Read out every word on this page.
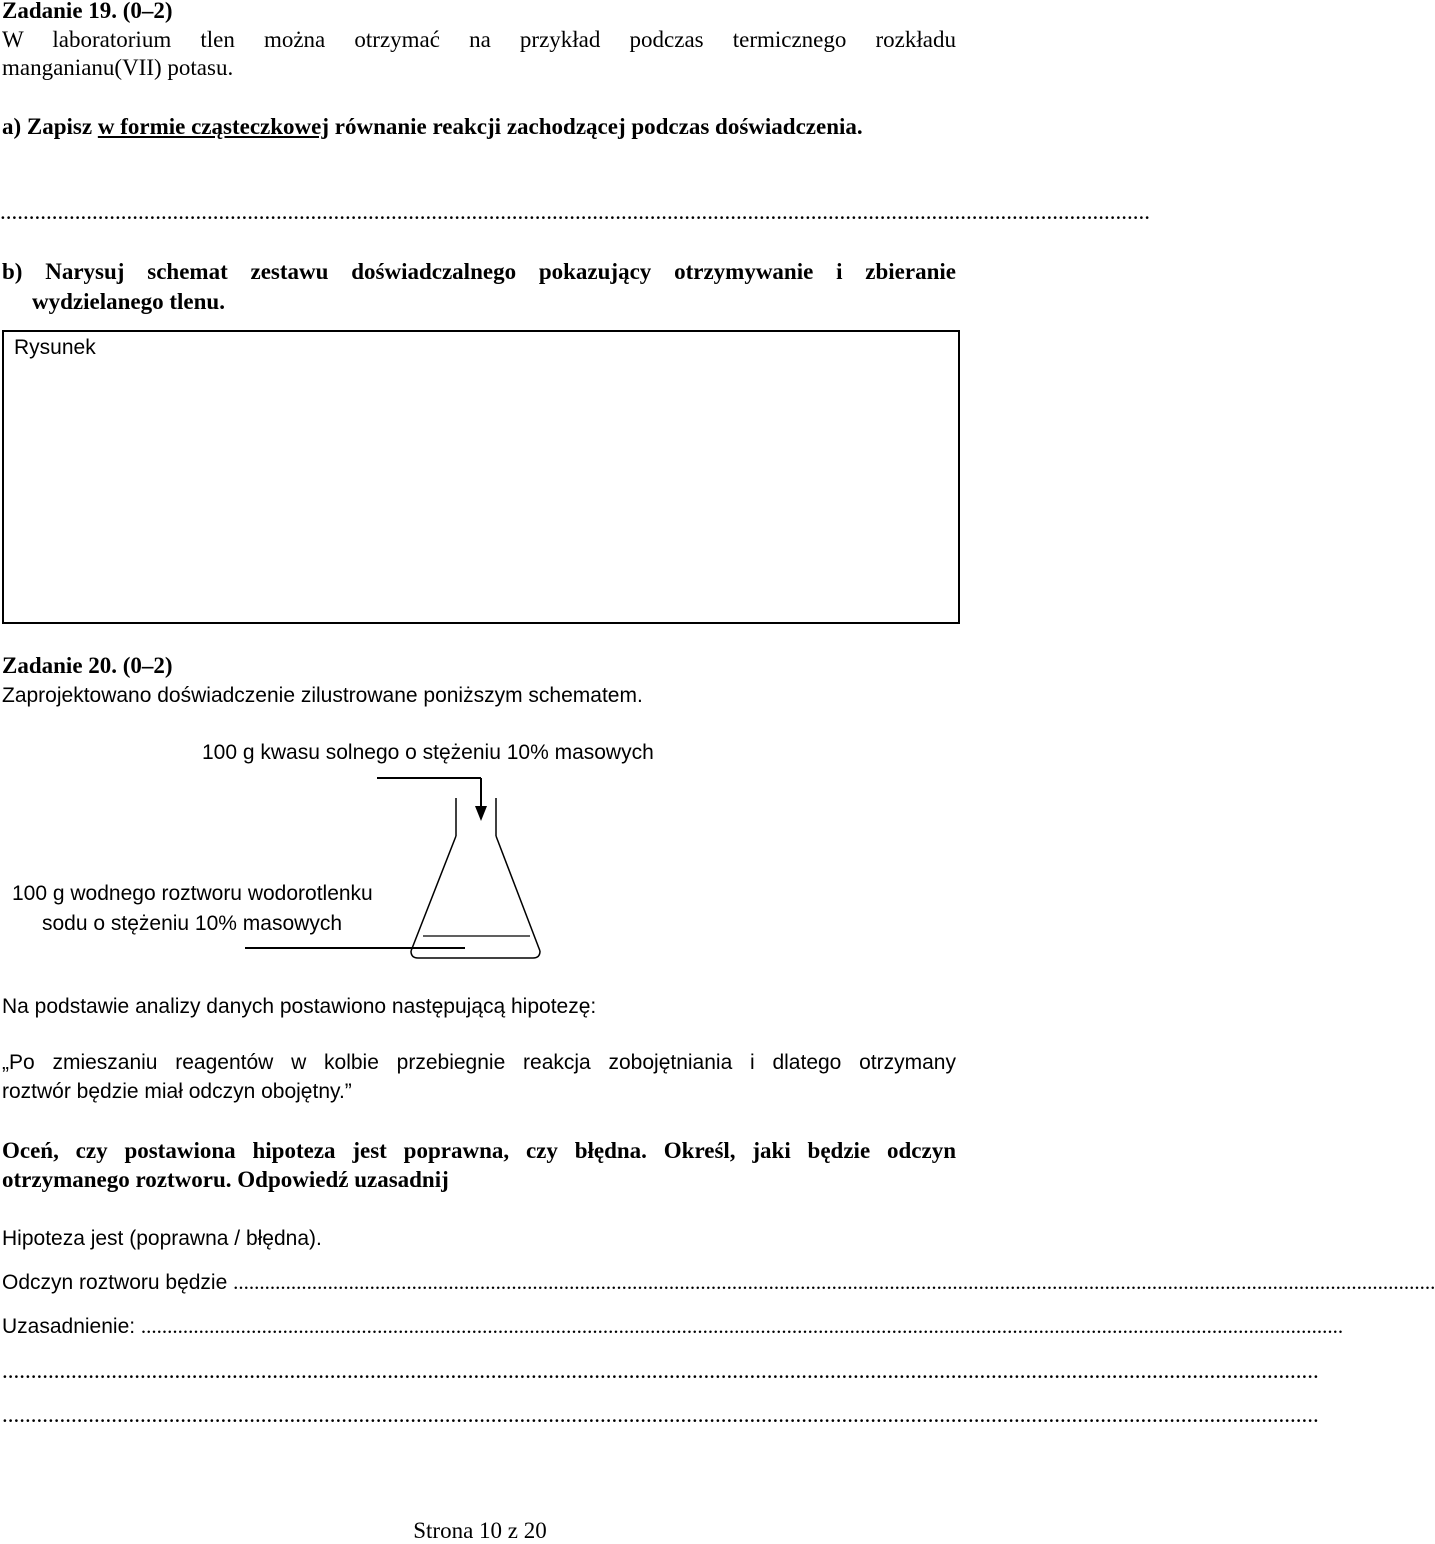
Zadanie 19. (0–2)
W laboratorium tlen można otrzymać na przykład podczas termicznego rozkładu
manganianu(VII) potasu.
a) Zapisz w formie cząsteczkowej równanie reakcji zachodzącej podczas doświadczenia.
........................................................................................................................................................................................................
b) Narysuj schemat zestawu doświadczalnego pokazujący otrzymywanie i zbieranie
wydzielanego tlenu.
Rysunek
Zadanie 20. (0–2)
Zaprojektowano doświadczenie zilustrowane poniższym schematem.
100 g kwasu solnego o stężeniu 10% masowych
100 g wodnego roztworu wodorotlenku
sodu o stężeniu 10% masowych
Na podstawie analizy danych postawiono następującą hipotezę:
„Po zmieszaniu reagentów w kolbie przebiegnie reakcja zobojętniania i dlatego otrzymany
roztwór będzie miał odczyn obojętny.”
Oceń, czy postawiona hipoteza jest poprawna, czy błędna. Określ, jaki będzie odczyn
otrzymanego roztworu. Odpowiedź uzasadnij
Hipoteza jest (poprawna / błędna).
Odczyn roztworu będzie .....................................................................................................................................................................................................................................
Uzasadnienie: .....................................................................................................................................................................................................................................
.....................................................................................................................................................................................................................................
.....................................................................................................................................................................................................................................
Strona 10 z 20
